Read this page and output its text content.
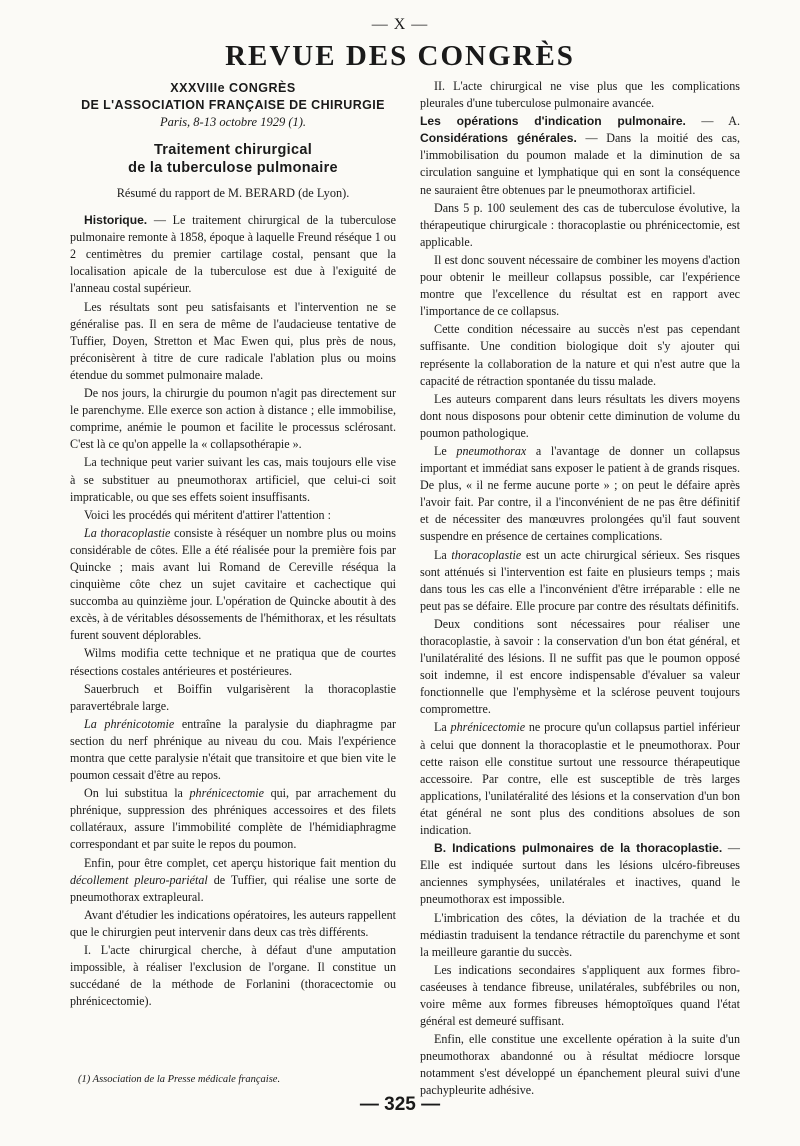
— X —
REVUE DES CONGRÈS
XXXVIIIe CONGRÈS
DE L'ASSOCIATION FRANÇAISE DE CHIRURGIE
Paris, 8-13 octobre 1929 (1).
Traitement chirurgical
de la tuberculose pulmonaire
Résumé du rapport de M. BERARD (de Lyon).

Historique. — Le traitement chirurgical de la tuberculose pulmonaire remonte à 1858, époque à laquelle Freund réséque 1 ou 2 centimètres du premier cartilage costal, pensant que la localisation apicale de la tuberculose est due à l'exiguité de l'anneau costal supérieur.

Les résultats sont peu satisfaisants et l'intervention ne se généralise pas. Il en sera de même de l'audacieuse tentative de Tuffier, Doyen, Stretton et Mac Ewen qui, plus près de nous, préconisèrent à titre de cure radicale l'ablation plus ou moins étendue du sommet pulmonaire malade.

De nos jours, la chirurgie du poumon n'agit pas directement sur le parenchyme. Elle exerce son action à distance ; elle immobilise, comprime, anémie le poumon et facilite le processus sclérosant. C'est là ce qu'on appelle la « collapsothérapie ».

La technique peut varier suivant les cas, mais toujours elle vise à se substituer au pneumothorax artificiel, que celui-ci soit impraticable, ou que ses effets soient insuffisants.

Voici les procédés qui méritent d'attirer l'attention :

La thoracoplastie consiste à réséquer un nombre plus ou moins considérable de côtes. Elle a été réalisée pour la première fois par Quincke ; mais avant lui Romand de Cereville réséqua la cinquième côte chez un sujet cavitaire et cachectique qui succomba au quinzième jour. L'opération de Quincke aboutit à des excès, à de véritables désossements de l'hémithorax, et les résultats furent souvent déplorables.

Wilms modifia cette technique et ne pratiqua que de courtes résections costales antérieures et postérieures.

Sauerbruch et Boiffin vulgarisèrent la thoracoplastie paravertébrale large.

La phrénicotomie entraîne la paralysie du diaphragme par section du nerf phrénique au niveau du cou. Mais l'expérience montra que cette paralysie n'était que transitoire et que bien vite le poumon cessait d'être au repos.

On lui substitua la phrénicectomie qui, par arrachement du phrénique, suppression des phréniques accessoires et des filets collatéraux, assure l'immobilité complète de l'hémidiaphragme correspondant et par suite le repos du poumon.

Enfin, pour être complet, cet aperçu historique fait mention du décollement pleuro-pariétal de Tuffier, qui réalise une sorte de pneumothorax extrapleural.

Avant d'étudier les indications opératoires, les auteurs rappellent que le chirurgien peut intervenir dans deux cas très différents.

I. L'acte chirurgical cherche, à défaut d'une amputation impossible, à réaliser l'exclusion de l'organe. Il constitue un succédané de la méthode de Forlanini (thoracectomie ou phrénicectomie).

II. L'acte chirurgical ne vise plus que les complications pleurales d'une tuberculose pulmonaire avancée.

Les opérations d'indication pulmonaire. — A. Considérations générales. — Dans la moitié des cas, l'immobilisation du poumon malade et la diminution de sa circulation sanguine et lymphatique qui en sont la conséquence ne sauraient être obtenues par le pneumothorax artificiel.

Dans 5 p. 100 seulement des cas de tuberculose évolutive, la thérapeutique chirurgicale : thoracoplastie ou phrénicectomie, est applicable.

Il est donc souvent nécessaire de combiner les moyens d'action pour obtenir le meilleur collapsus possible, car l'expérience montre que l'excellence du résultat est en rapport avec l'importance de ce collapsus.

Cette condition nécessaire au succès n'est pas cependant suffisante. Une condition biologique doit s'y ajouter qui représente la collaboration de la nature et qui n'est autre que la capacité de rétraction spontanée du tissu malade.

Les auteurs comparent dans leurs résultats les divers moyens dont nous disposons pour obtenir cette diminution de volume du poumon pathologique.

Le pneumothorax a l'avantage de donner un collapsus important et immédiat sans exposer le patient à de grands risques. De plus, « il ne ferme aucune porte » ; on peut le défaire après l'avoir fait. Par contre, il a l'inconvénient de ne pas être définitif et de nécessiter des manœuvres prolongées qu'il faut souvent suspendre en présence de certaines complications.

La thoracoplastie est un acte chirurgical sérieux. Ses risques sont atténués si l'intervention est faite en plusieurs temps ; mais dans tous les cas elle a l'inconvénient d'être irréparable : elle ne peut pas se défaire. Elle procure par contre des résultats définitifs.

Deux conditions sont nécessaires pour réaliser une thoracoplastie, à savoir : la conservation d'un bon état général, et l'unilatéralité des lésions. Il ne suffit pas que le poumon opposé soit indemne, il est encore indispensable d'évaluer sa valeur fonctionnelle que l'emphysème et la sclérose peuvent toujours compromettre.

La phrénicectomie ne procure qu'un collapsus partiel inférieur à celui que donnent la thoracoplastie et le pneumothorax. Pour cette raison elle constitue surtout une ressource thérapeutique accessoire. Par contre, elle est susceptible de très larges applications, l'unilatéralité des lésions et la conservation d'un bon état général ne sont plus des conditions absolues de son indication.

B. Indications pulmonaires de la thoracoplastie. — Elle est indiquée surtout dans les lésions ulcéro-fibreuses anciennes symphysées, unilatérales et inactives, quand le pneumothorax est impossible.

L'imbrication des côtes, la déviation de la trachée et du médiastin traduisent la tendance rétractile du parenchyme et sont la meilleure garantie du succès.

Les indications secondaires s'appliquent aux formes fibro-caséeuses à tendance fibreuse, unilatérales, subfébriles ou non, voire même aux formes fibreuses hémoptoïques quand l'état général est demeuré suffisant.

Enfin, elle constitue une excellente opération à la suite d'un pneumothorax abandonné ou à résultat médiocre lorsque notamment s'est développé un épanchement pleural suivi d'une pachypleurite adhésive.

(1) Association de la Presse médicale française.
— 325 —
